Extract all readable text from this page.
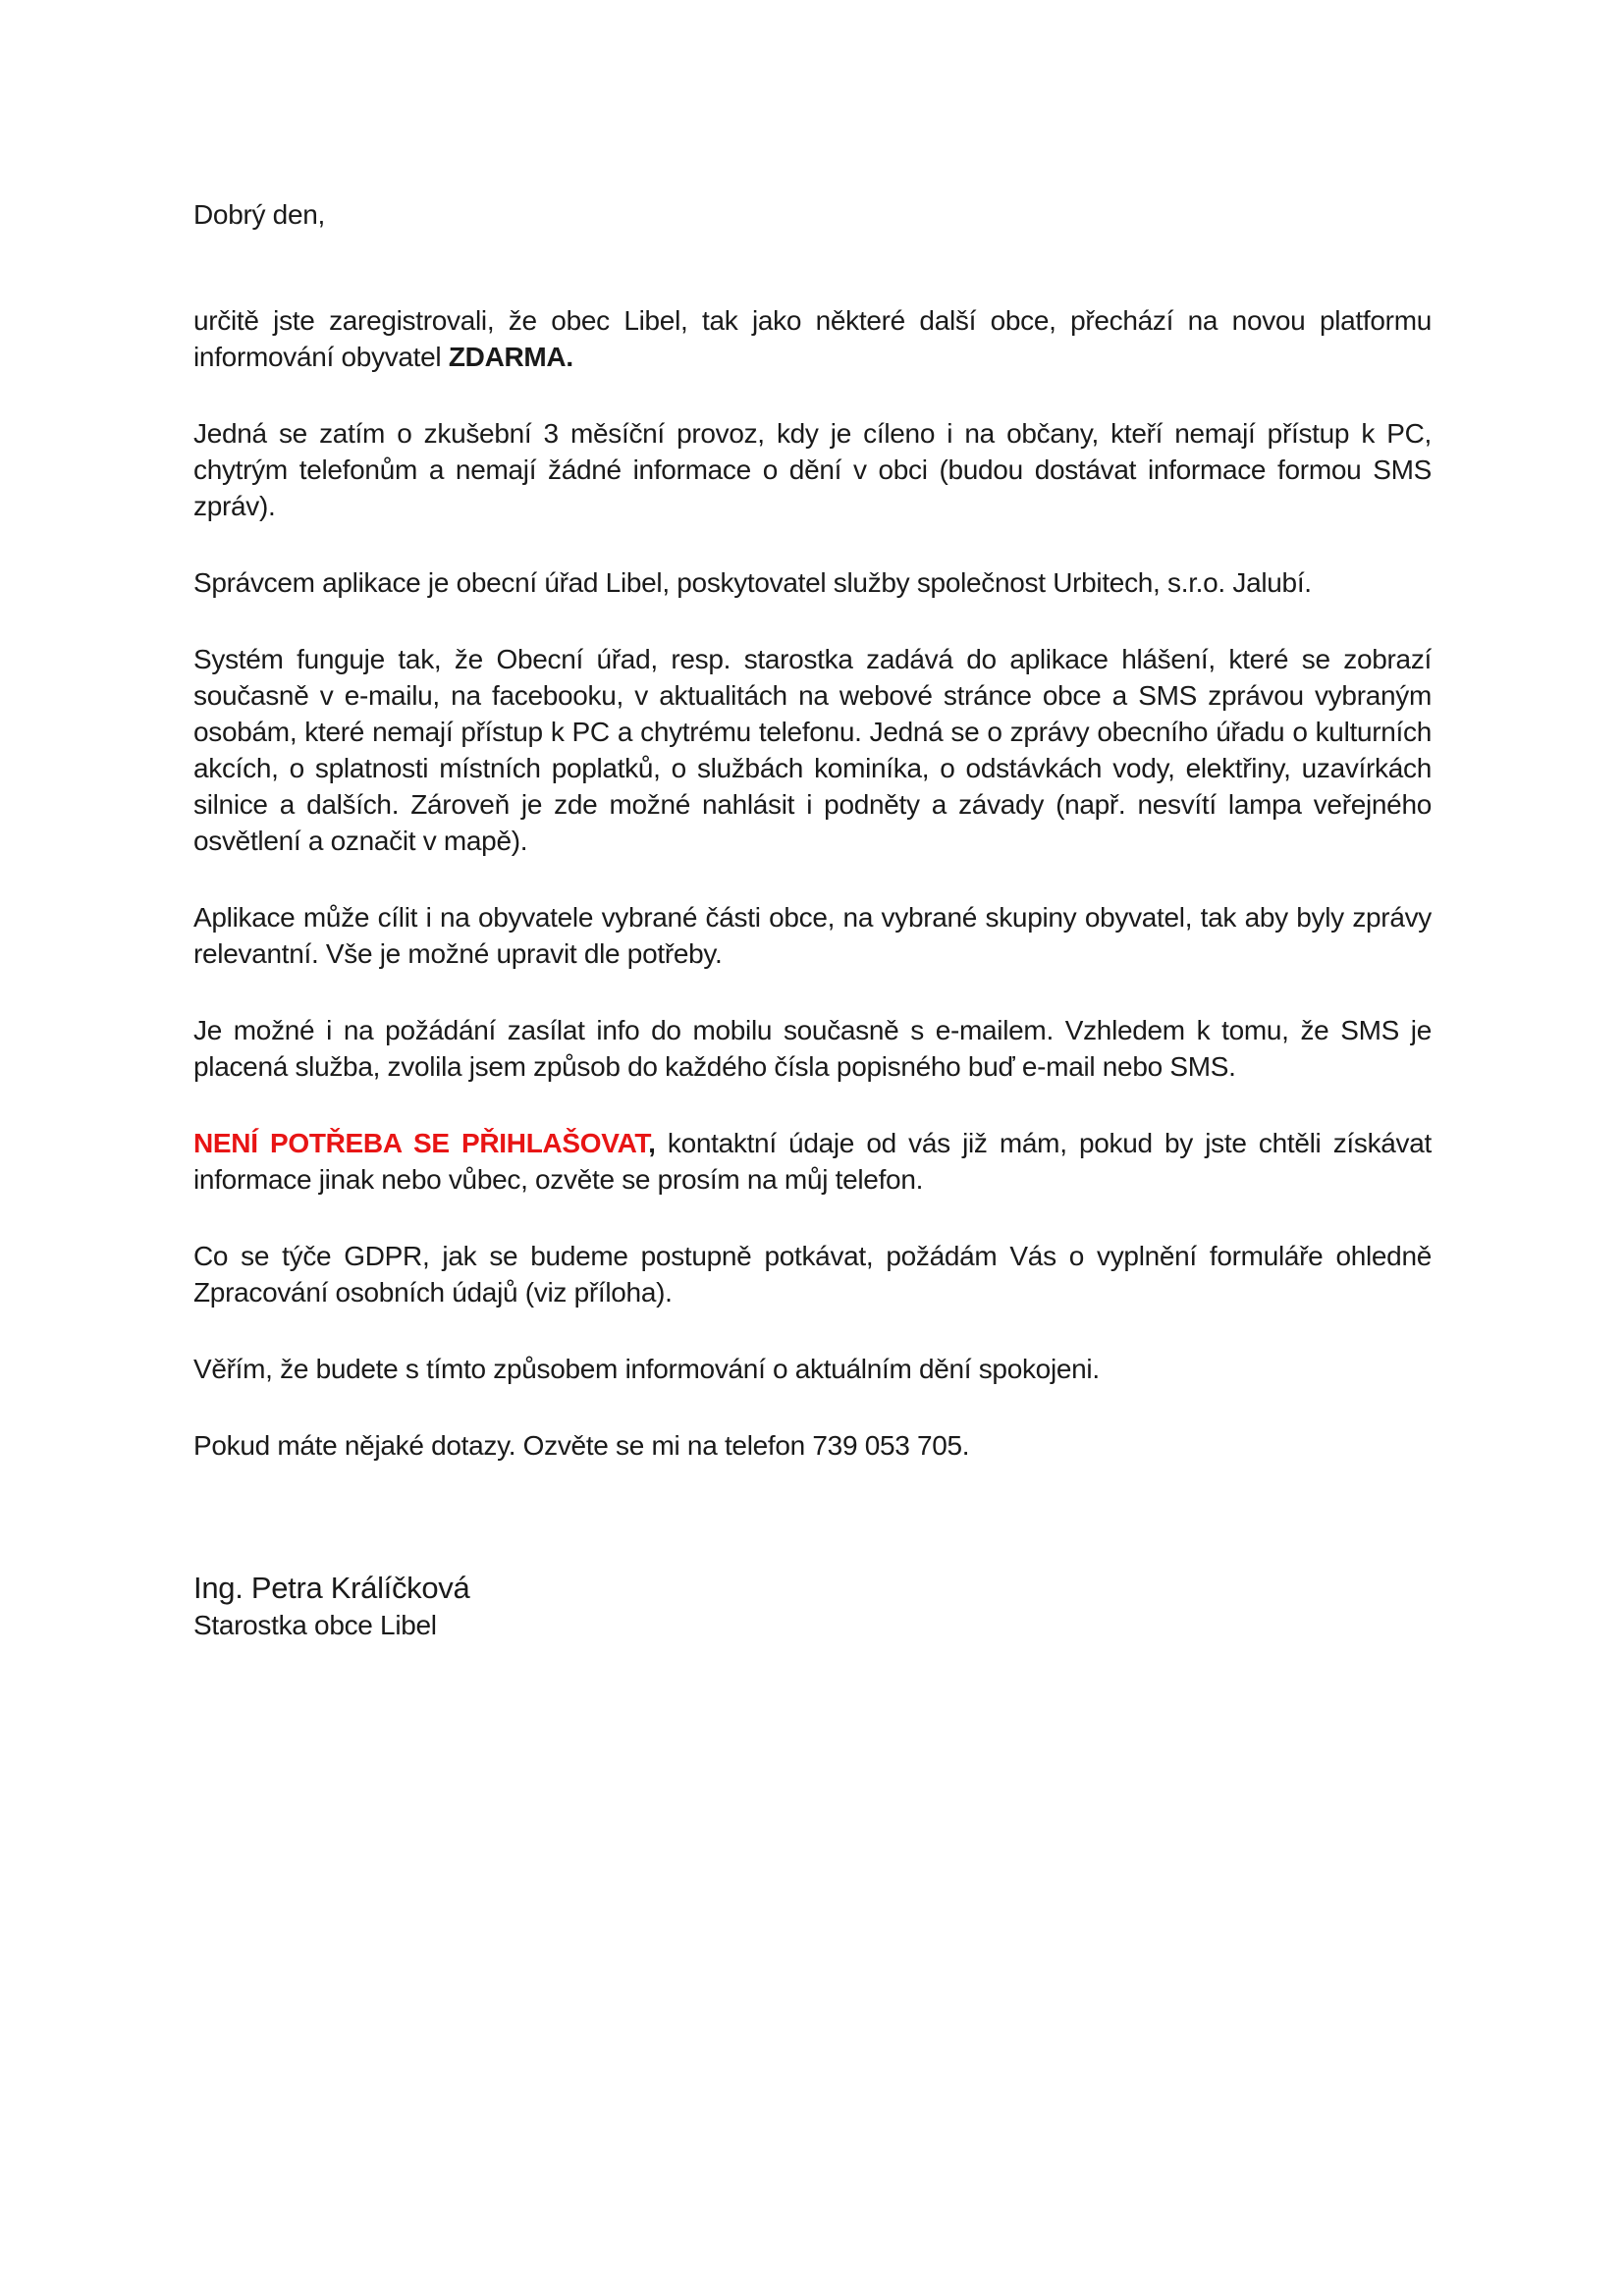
Dobrý den,

určitě jste zaregistrovali, že obec Libel, tak jako některé další obce, přechází na novou platformu informování obyvatel ZDARMA.

Jedná se zatím o zkušební 3 měsíční provoz, kdy je cíleno i na občany, kteří nemají přístup k PC, chytrým telefonům a nemají žádné informace o dění v obci (budou dostávat informace formou SMS zpráv).

Správcem aplikace je obecní úřad Libel, poskytovatel služby společnost Urbitech, s.r.o. Jalubí.

Systém funguje tak, že Obecní úřad, resp. starostka zadává do aplikace hlášení, které se zobrazí současně v e-mailu, na facebooku, v aktualitách na webové stránce obce a SMS zprávou vybraným osobám, které nemají přístup k PC a chytrému telefonu. Jedná se o zprávy obecního úřadu o kulturních akcích, o splatnosti místních poplatků, o službách kominíka, o odstávkách vody, elektřiny, uzavírkách silnice a dalších. Zároveň je zde možné nahlásit i podněty a závady (např. nesvítí lampa veřejného osvětlení a označit v mapě).

Aplikace může cílit i na obyvatele vybrané části obce, na vybrané skupiny obyvatel, tak aby byly zprávy relevantní. Vše je možné upravit dle potřeby.

Je možné i na požádání zasílat info do mobilu současně s e-mailem. Vzhledem k tomu, že SMS je placená služba, zvolila jsem způsob do každého čísla popisného buď e-mail nebo SMS.

NENÍ POTŘEBA SE PŘIHLAŠOVAT, kontaktní údaje od vás již mám, pokud by jste chtěli získávat informace jinak nebo vůbec, ozvěte se prosím na můj telefon.

Co se týče GDPR, jak se budeme postupně potkávat, požádám Vás o vyplnění formuláře ohledně Zpracování osobních údajů (viz příloha).

Věřím, že budete s tímto způsobem informování o aktuálním dění spokojeni.

Pokud máte nějaké dotazy. Ozvěte se mi na telefon 739 053 705.

Ing. Petra Králíčková

Starostka obce Libel
